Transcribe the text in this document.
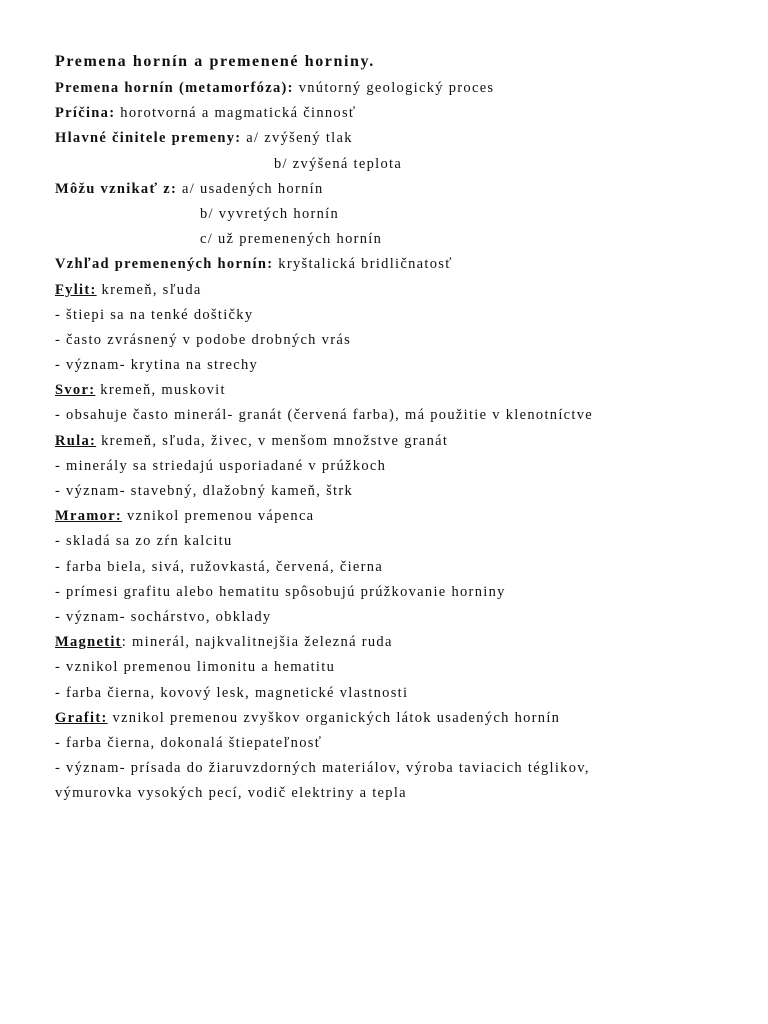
Premena hornín a premenené horniny.
Premena hornín (metamorfóza): vnútorný geologický proces
Príčina: horotvorná a magmatická činnosť
Hlavné činitele premeny: a/ zvýšený tlak
b/ zvýšená teplota
Môžu vznikať z: a/ usadených hornín
b/ vyvretých hornín
c/ už premenených hornín
Vzhľad premenených hornín: kryštalická bridličnatosť
Fylit: kremeň, sľuda
- štiepi sa na tenké doštičky
- často zvrásnený v podobe drobných vrás
- význam- krytina na strechy
Svor: kremeň, muskovit
- obsahuje často minerál- granát (červená farba), má použitie v klenotníctve
Rula: kremeň, sľuda, živec, v menšom množstve granát
- minerály sa striedajú usporiadané v prúžkoch
- význam- stavebný, dlažobný kameň, štrk
Mramor: vznikol premenou vápenca
- skladá sa zo zŕn kalcitu
- farba biela, sivá, ružovkastá, červená, čierna
- prímesi grafitu alebo hematitu spôsobujú prúžkovanie horniny
- význam- sochárstvo, obklady
Magnetit: minerál, najkvalitnejšia železná ruda
- vznikol premenou limonitu a hematitu
- farba čierna, kovový lesk, magnetické vlastnosti
Grafit: vznikol premenou zvyškov organických látok usadených hornín
- farba čierna, dokonalá štiepateľnosť
- význam- prísada do žiaruvzdorných materiálov, výroba taviacich téglikov,
výmurovka vysokých pecí, vodič elektriny a tepla
